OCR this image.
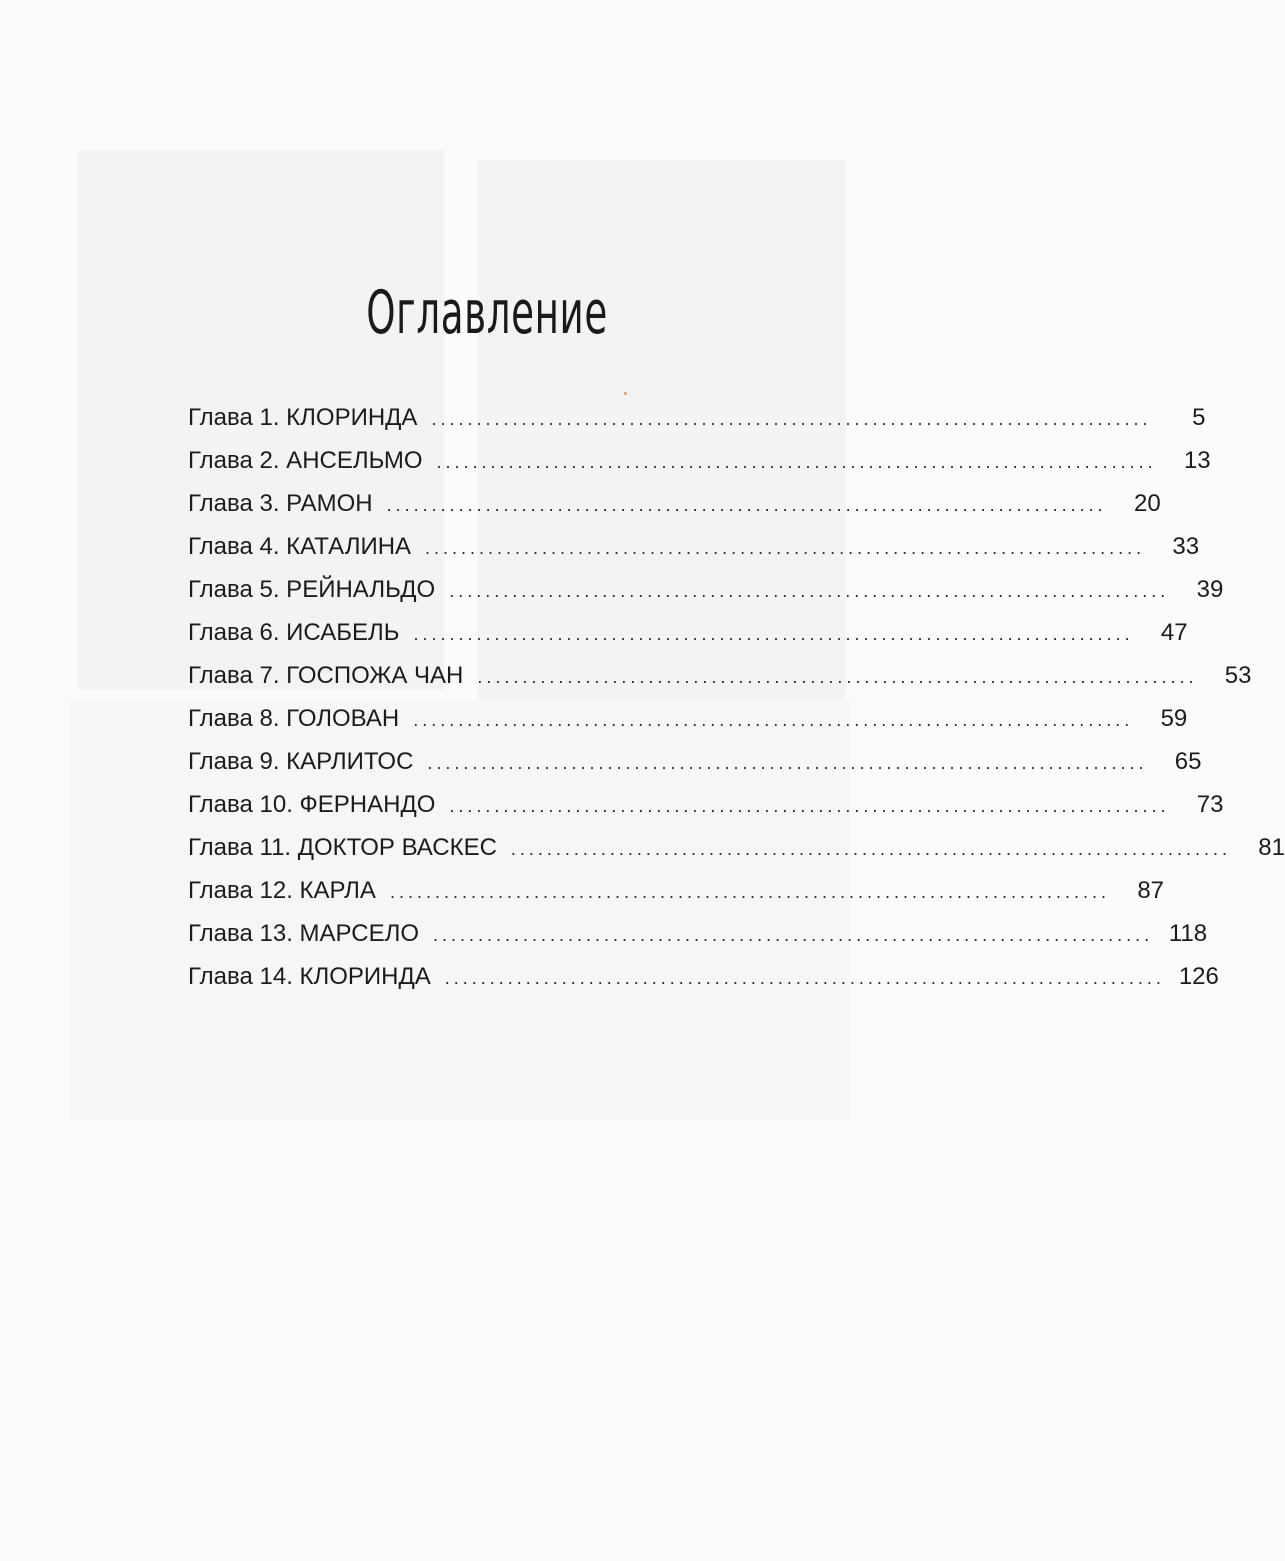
Оглавление
Глава 1. КЛОРИНДА ................................................................................	5
Глава 2. АНСЕЛЬМО ................................................................................	13
Глава 3. РАМОН ................................................................................	20
Глава 4. КАТАЛИНА ................................................................................	33
Глава 5. РЕЙНАЛЬДО ................................................................................	39
Глава 6. ИСАБЕЛЬ ................................................................................	47
Глава 7. ГОСПОЖА ЧАН ................................................................................	53
Глава 8. ГОЛОВАН ................................................................................	59
Глава 9. КАРЛИТОС ................................................................................	65
Глава 10. ФЕРНАНДО ................................................................................	73
Глава 11. ДОКТОР ВАСКЕС ................................................................................	81
Глава 12. КАРЛА ................................................................................	87
Глава 13. МАРСЕЛО ................................................................................ 118
Глава 14. КЛОРИНДА ................................................................................ 126
